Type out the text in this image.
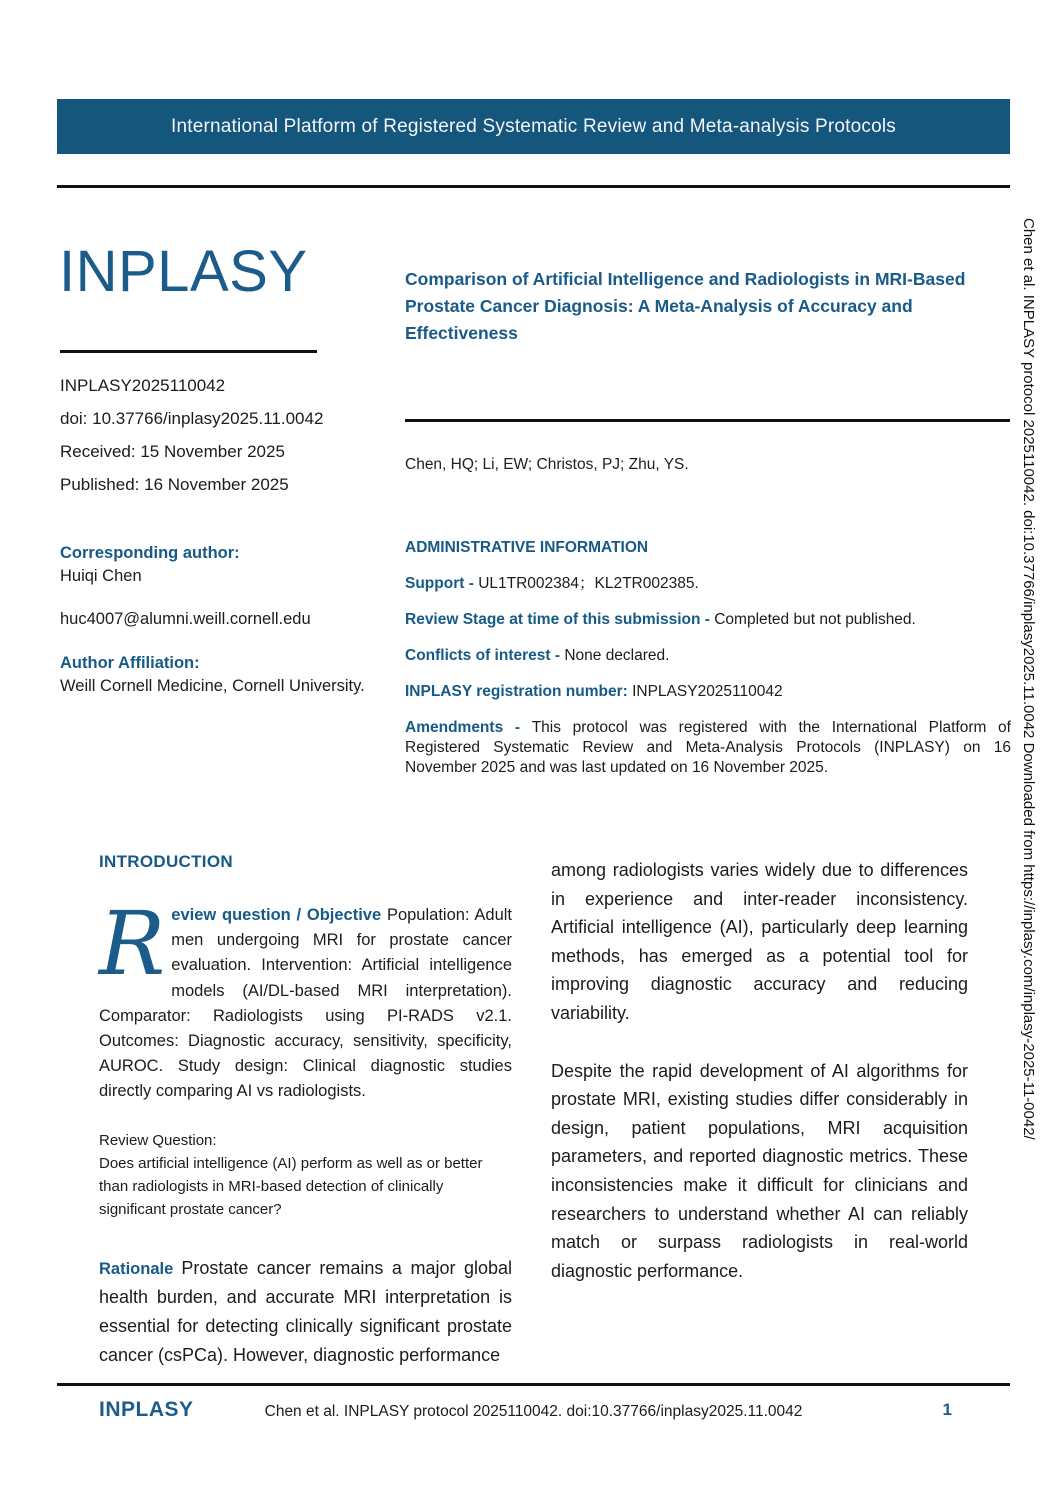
International Platform of Registered Systematic Review and Meta-analysis Protocols
INPLASY
INPLASY2025110042
doi: 10.37766/inplasy2025.11.0042
Received: 15 November 2025
Published: 16 November 2025
Comparison of Artificial Intelligence and Radiologists in MRI-Based Prostate Cancer Diagnosis: A Meta-Analysis of Accuracy and Effectiveness
Chen, HQ; Li, EW; Christos, PJ; Zhu, YS.
Corresponding author:
Huiqi Chen
huc4007@alumni.weill.cornell.edu
Author Affiliation:
Weill Cornell Medicine, Cornell University.

ADMINISTRATIVE INFORMATION

Support - UL1TR002384；KL2TR002385.

Review Stage at time of this submission - Completed but not published.

Conflicts of interest - None declared.

INPLASY registration number: INPLASY2025110042

Amendments - This protocol was registered with the International Platform of Registered Systematic Review and Meta-Analysis Protocols (INPLASY) on 16 November 2025 and was last updated on 16 November 2025.

INTRODUCTION

Review question / Objective Population: Adult men undergoing MRI for prostate cancer evaluation. Intervention: Artificial intelligence models (AI/DL-based MRI interpretation). Comparator: Radiologists using PI-RADS v2.1. Outcomes: Diagnostic accuracy, sensitivity, specificity, AUROC. Study design: Clinical diagnostic studies directly comparing AI vs radiologists.

Review Question:
Does artificial intelligence (AI) perform as well as or better than radiologists in MRI-based detection of clinically significant prostate cancer?

Rationale Prostate cancer remains a major global health burden, and accurate MRI interpretation is essential for detecting clinically significant prostate cancer (csPCa). However, diagnostic performance

among radiologists varies widely due to differences in experience and inter-reader inconsistency. Artificial intelligence (AI), particularly deep learning methods, has emerged as a potential tool for improving diagnostic accuracy and reducing variability.

Despite the rapid development of AI algorithms for prostate MRI, existing studies differ considerably in design, patient populations, MRI acquisition parameters, and reported diagnostic metrics. These inconsistencies make it difficult for clinicians and researchers to understand whether AI can reliably match or surpass radiologists in real-world diagnostic performance.

INPLASY	Chen et al. INPLASY protocol 2025110042. doi:10.37766/inplasy2025.11.0042	1
Chen et al. INPLASY protocol 2025110042. doi:10.37766/inplasy2025.11.0042 Downloaded from https://inplasy.com/inplasy-2025-11-0042/
